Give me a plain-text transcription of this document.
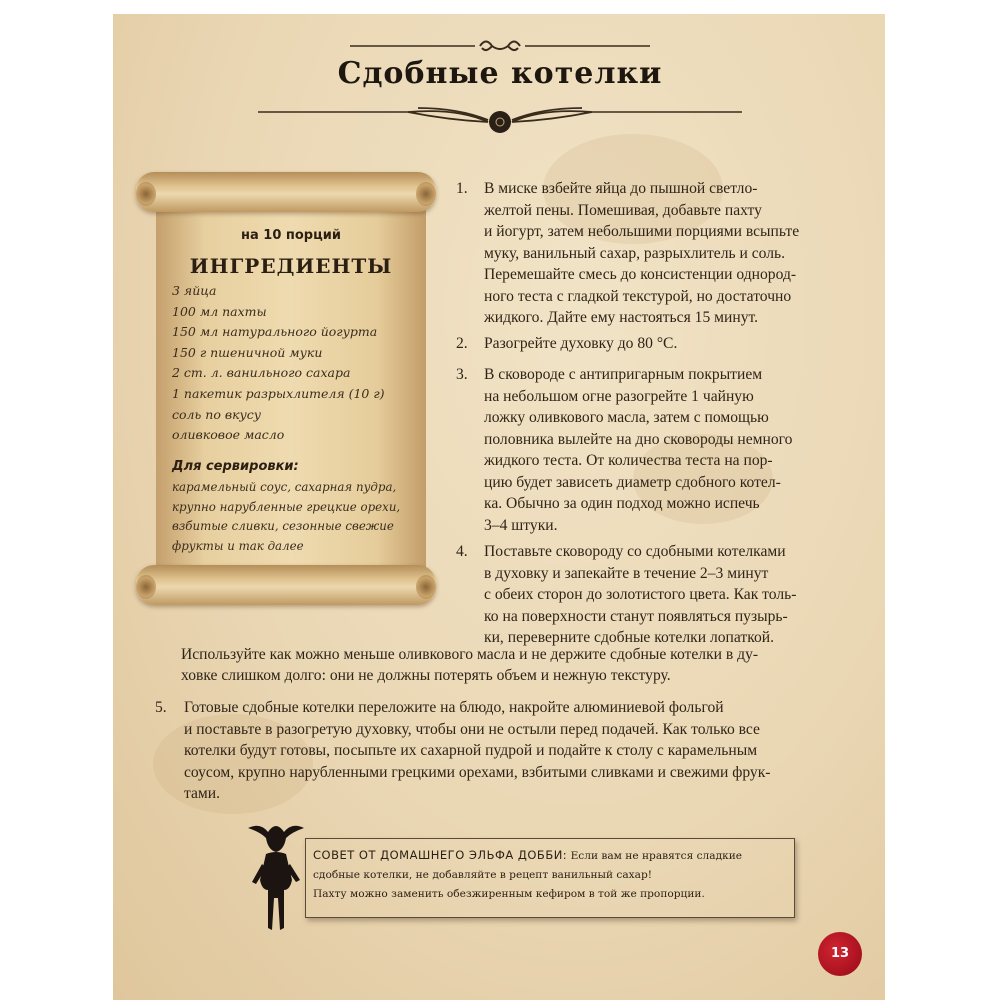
Сдобные котелки
на 10 порций
ИНГРЕДИЕНТЫ
3 яйца
100 мл пахты
150 мл натурального йогурта
150 г пшеничной муки
2 ст. л. ванильного сахара
1 пакетик разрыхлителя (10 г)
соль по вкусу
оливковое масло
Для сервировки:
карамельный соус, сахарная пудра, крупно нарубленные грецкие орехи, взбитые сливки, сезонные свежие фрукты и так далее
1.	В миске взбейте яйца до пышной светло-
желтой пены. Помешивая, добавьте пахту
и йогурт, затем небольшими порциями всыпьте
муку, ванильный сахар, разрыхлитель и соль.
Перемешайте смесь до консистенции однород-
ного теста с гладкой текстурой, но достаточно
жидкого. Дайте ему настояться 15 минут.
2.	Разогрейте духовку до 80 °С.
3.	В сковороде с антипригарным покрытием
на небольшом огне разогрейте 1 чайную
ложку оливкового масла, затем с помощью
половника вылейте на дно сковороды немного
жидкого теста. От количества теста на пор-
цию будет зависеть диаметр сдобного котел-
ка. Обычно за один подход можно испечь
3–4 штуки.
4.	Поставьте сковороду со сдобными котелками
в духовку и запекайте в течение 2–3 минут
с обеих сторон до золотистого цвета. Как толь-
ко на поверхности станут появляться пузырь-
ки, переверните сдобные котелки лопаткой.
Используйте как можно меньше оливкового масла и не держите сдобные котелки в ду-
ховке слишком долго: они не должны потерять объем и нежную текстуру.
5.	Готовые сдобные котелки переложите на блюдо, накройте алюминиевой фольгой
и поставьте в разогретую духовку, чтобы они не остыли перед подачей. Как только все
котелки будут готовы, посыпьте их сахарной пудрой и подайте к столу с карамельным
соусом, крупно нарубленными грецкими орехами, взбитыми сливками и свежими фрук-
тами.
СОВЕТ ОТ ДОМАШНЕГО ЭЛЬФА ДОББИ: Если вам не нравятся сладкие
сдобные котелки, не добавляйте в рецепт ванильный сахар!
Пахту можно заменить обезжиренным кефиром в той же пропорции.
13
